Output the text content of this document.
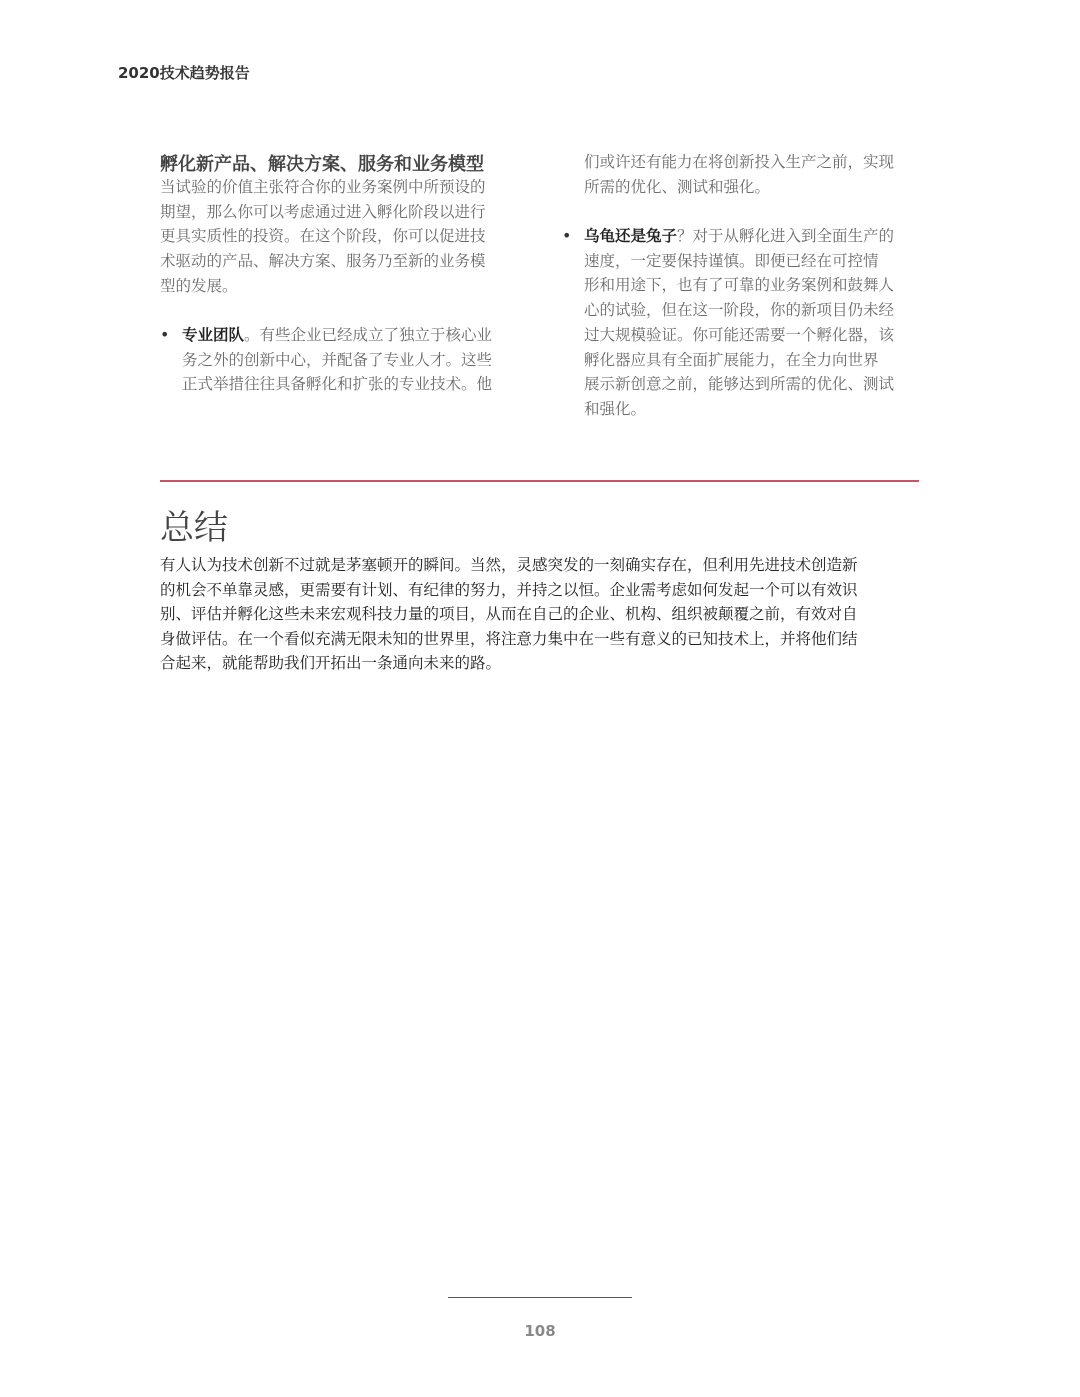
2020技术趋势报告
孵化新产品、解决方案、服务和业务模型
当试验的价值主张符合你的业务案例中所预设的
期望，那么你可以考虑通过进入孵化阶段以进行
更具实质性的投资。在这个阶段，你可以促进技
术驱动的产品、解决方案、服务乃至新的业务模
型的发展。
• 专业团队。有些企业已经成立了独立于核心业
务之外的创新中心，并配备了专业人才。这些
正式举措往往具备孵化和扩张的专业技术。他
们或许还有能力在将创新投入生产之前，实现
所需的优化、测试和强化。
• 乌龟还是兔子？对于从孵化进入到全面生产的
速度，一定要保持谨慎。即便已经在可控情
形和用途下，也有了可靠的业务案例和鼓舞人
心的试验，但在这一阶段，你的新项目仍未经
过大规模验证。你可能还需要一个孵化器，该
孵化器应具有全面扩展能力，在全力向世界
展示新创意之前，能够达到所需的优化、测试
和强化。
总结
有人认为技术创新不过就是茅塞顿开的瞬间。当然，灵感突发的一刻确实存在，但利用先进技术创造新
的机会不单靠灵感，更需要有计划、有纪律的努力，并持之以恒。企业需考虑如何发起一个可以有效识
别、评估并孵化这些未来宏观科技力量的项目，从而在自己的企业、机构、组织被颠覆之前，有效对自
身做评估。在一个看似充满无限未知的世界里，将注意力集中在一些有意义的已知技术上，并将他们结
合起来，就能帮助我们开拓出一条通向未来的路。
108
